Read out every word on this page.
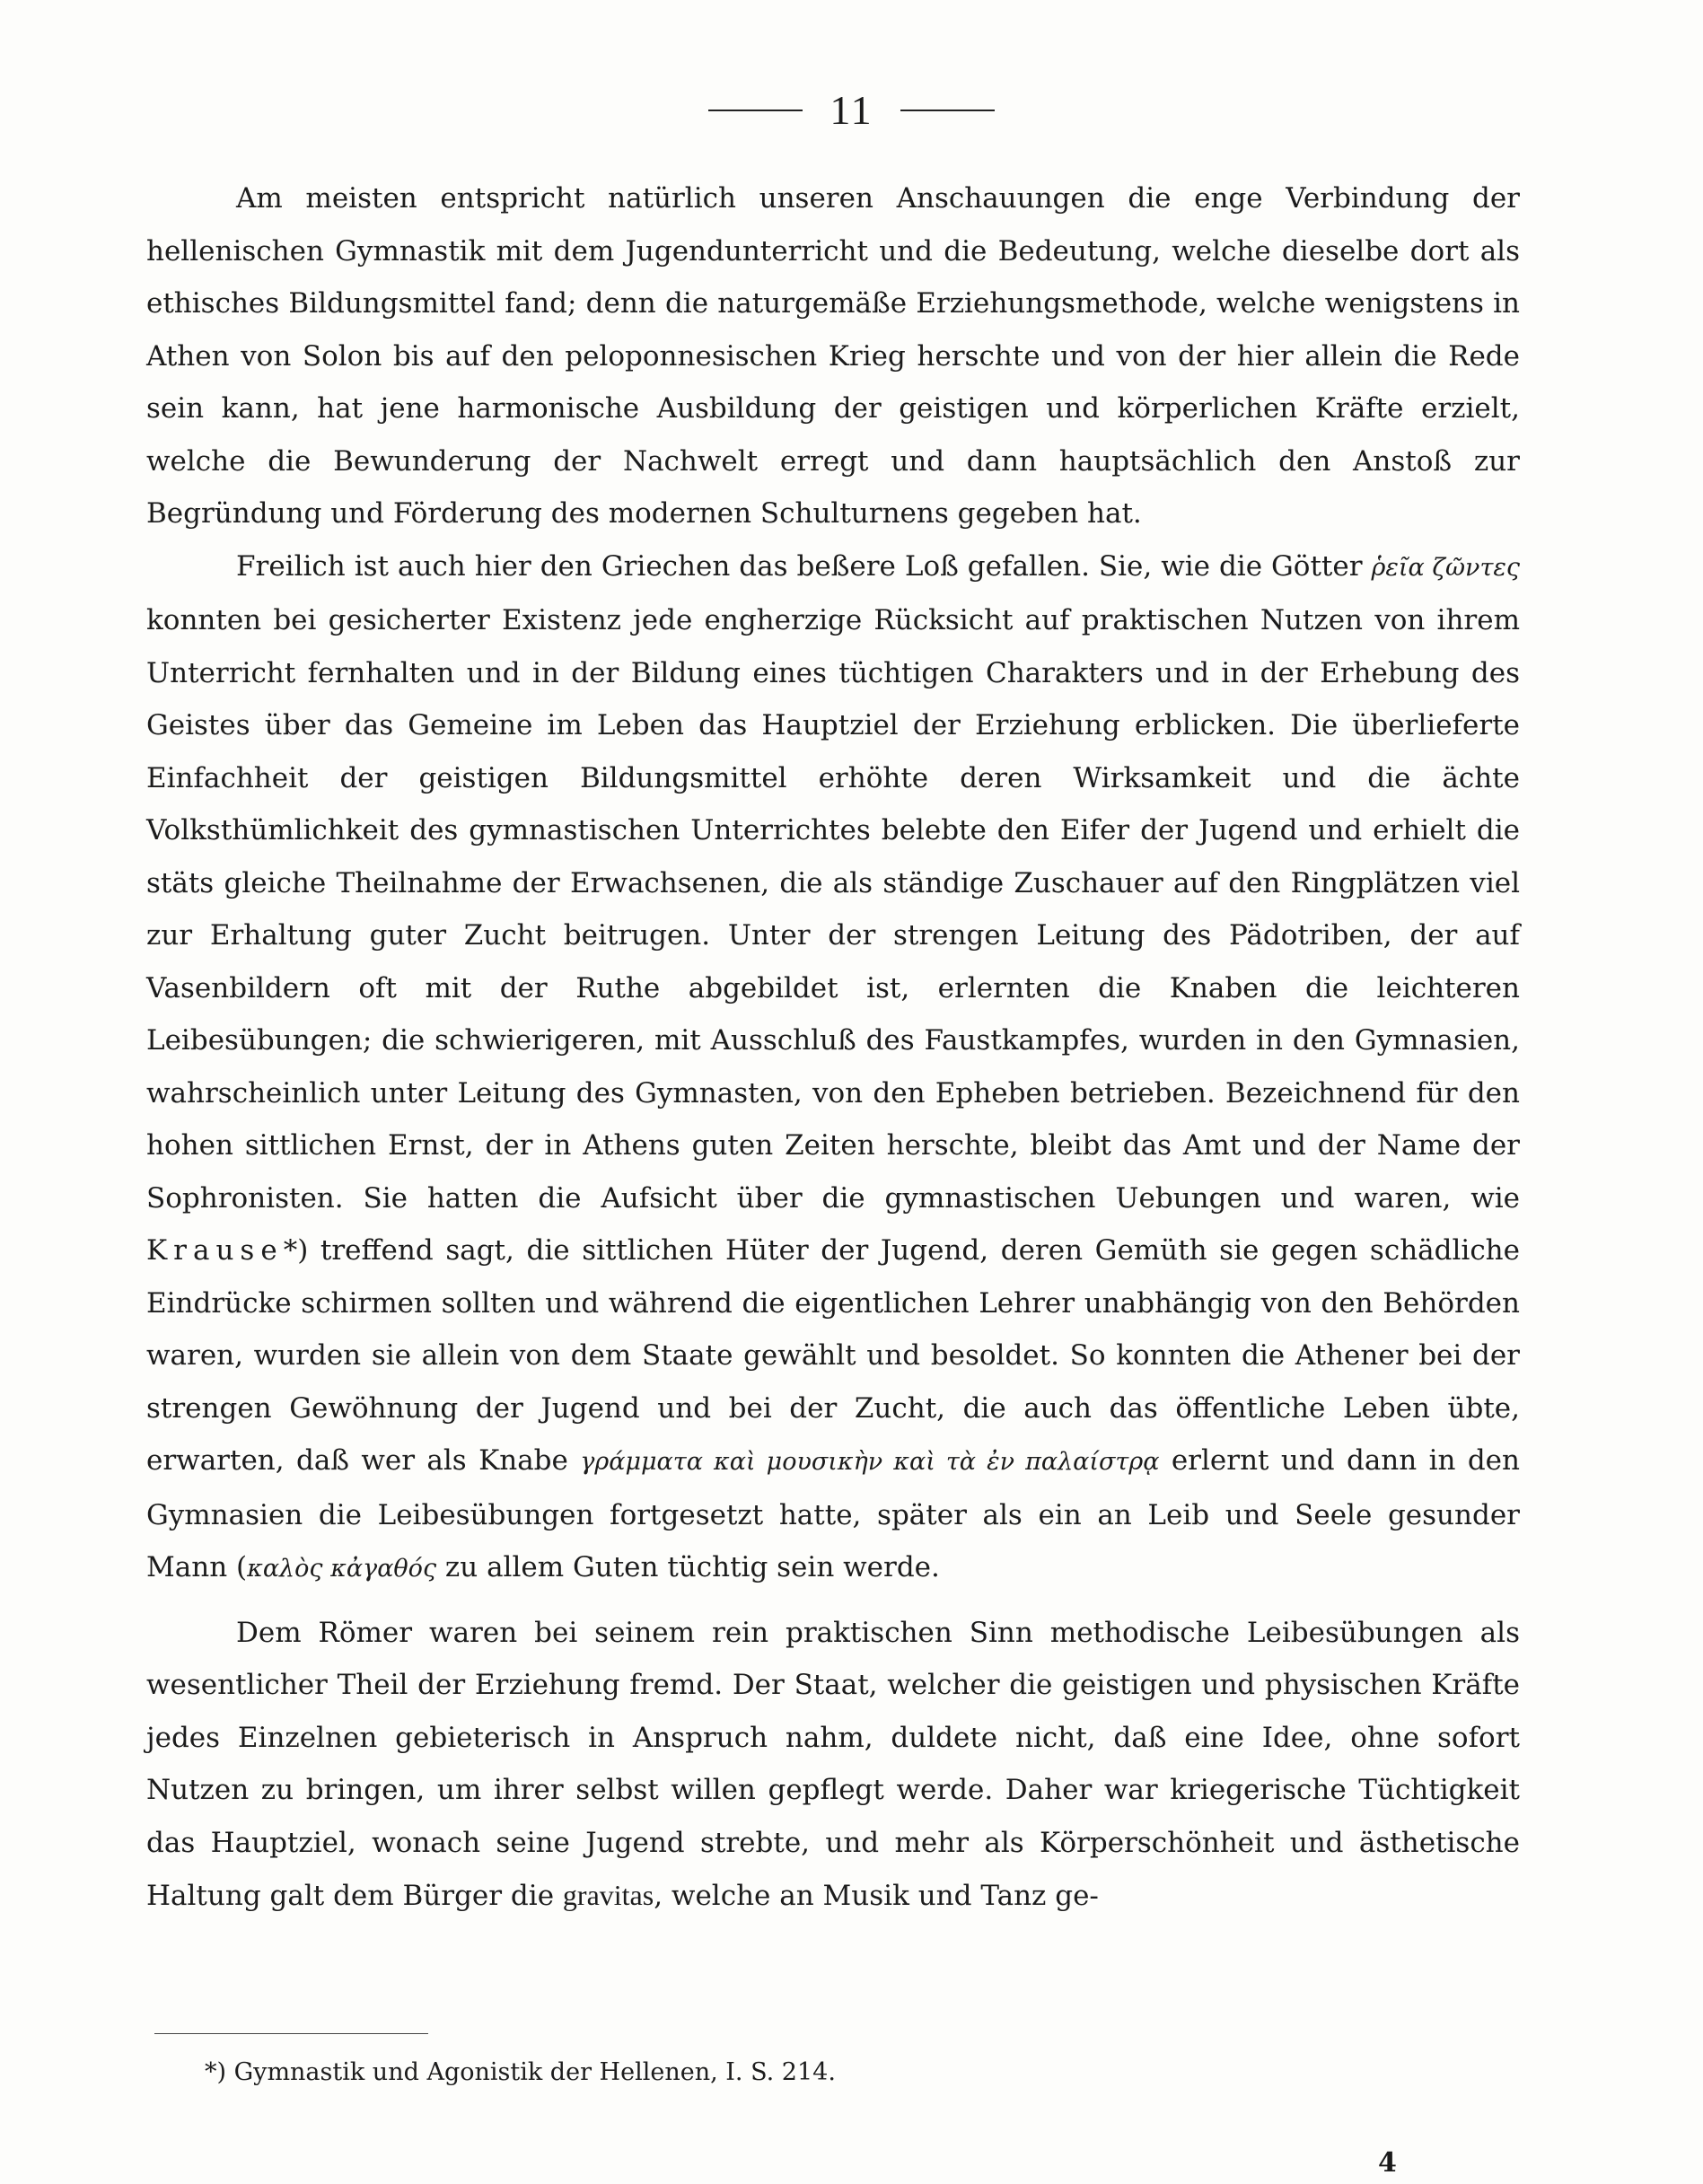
11

Am meisten entspricht natürlich unseren Anschauungen die enge Verbindung der hellenischen Gymnastik mit dem Jugendunterricht und die Bedeutung, welche dieselbe dort als ethisches Bildungsmittel fand; denn die naturgemäße Erziehungsmethode, welche wenigstens in Athen von Solon bis auf den peloponnesischen Krieg herschte und von der hier allein die Rede sein kann, hat jene harmonische Ausbildung der geistigen und körperlichen Kräfte erzielt, welche die Bewunderung der Nachwelt erregt und dann hauptsächlich den Anstoß zur Begründung und Förderung des modernen Schulturnens gegeben hat.

Freilich ist auch hier den Griechen das beßere Loß gefallen. Sie, wie die Götter ῥεῖα ζῶντες konnten bei gesicherter Existenz jede engherzige Rücksicht auf praktischen Nutzen von ihrem Unterricht fernhalten und in der Bildung eines tüchtigen Charakters und in der Erhebung des Geistes über das Gemeine im Leben das Hauptziel der Erziehung erblicken. Die überlieferte Einfachheit der geistigen Bildungsmittel erhöhte deren Wirksamkeit und die ächte Volksthümlichkeit des gymnastischen Unterrichtes belebte den Eifer der Jugend und erhielt die stäts gleiche Theilnahme der Erwachsenen, die als ständige Zuschauer auf den Ringplätzen viel zur Erhaltung guter Zucht beitrugen. Unter der strengen Leitung des Pädotriben, der auf Vasenbildern oft mit der Ruthe abgebildet ist, erlernten die Knaben die leichteren Leibesübungen; die schwierigeren, mit Ausschluß des Faustkampfes, wurden in den Gymnasien, wahrscheinlich unter Leitung des Gymnasten, von den Epheben betrieben. Bezeichnend für den hohen sittlichen Ernst, der in Athens guten Zeiten herschte, bleibt das Amt und der Name der Sophronisten. Sie hatten die Aufsicht über die gymnastischen Uebungen und waren, wie Krause*) treffend sagt, die sittlichen Hüter der Jugend, deren Gemüth sie gegen schädliche Eindrücke schirmen sollten und während die eigentlichen Lehrer unabhängig von den Behörden waren, wurden sie allein von dem Staate gewählt und besoldet. So konnten die Athener bei der strengen Gewöhnung der Jugend und bei der Zucht, die auch das öffentliche Leben übte, erwarten, daß wer als Knabe γράμματα καὶ μουσικὴν καὶ τὰ ἐν παλαίστρᾳ erlernt und dann in den Gymnasien die Leibesübungen fortgesetzt hatte, später als ein an Leib und Seele gesunder Mann (καλὸς κἀγαθός zu allem Guten tüchtig sein werde.

Dem Römer waren bei seinem rein praktischen Sinn methodische Leibesübungen als wesentlicher Theil der Erziehung fremd. Der Staat, welcher die geistigen und physischen Kräfte jedes Einzelnen gebieterisch in Anspruch nahm, duldete nicht, daß eine Idee, ohne sofort Nutzen zu bringen, um ihrer selbst willen gepflegt werde. Daher war kriegerische Tüchtigkeit das Hauptziel, wonach seine Jugend strebte, und mehr als Körperschönheit und ästhetische Haltung galt dem Bürger die gravitas, welche an Musik und Tanz ge-

*) Gymnastik und Agonistik der Hellenen, I. S. 214.
4
